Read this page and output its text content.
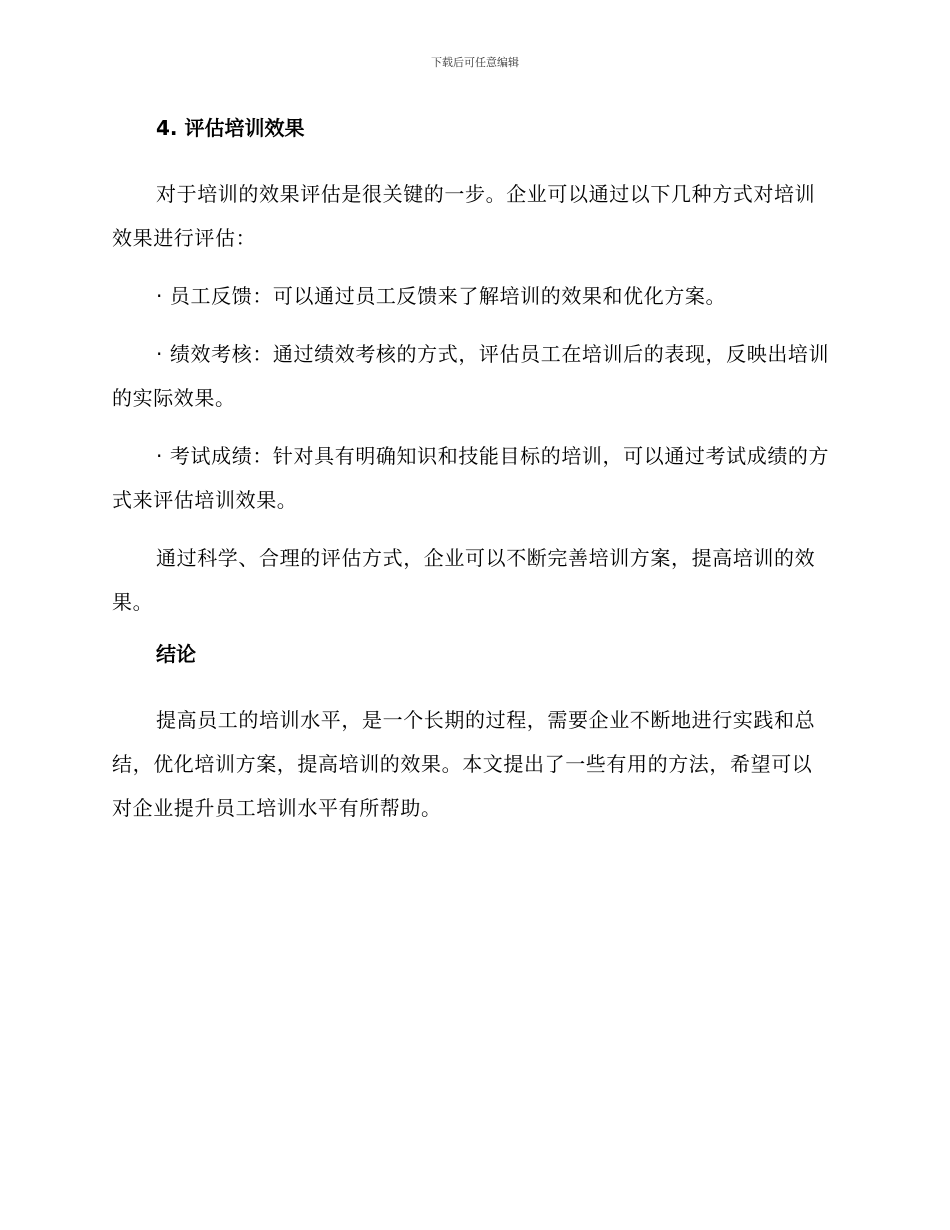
下载后可任意编辑
4. 评估培训效果

对于培训的效果评估是很关键的一步。企业可以通过以下几种方式对培训效果进行评估：

· 员工反馈：可以通过员工反馈来了解培训的效果和优化方案。

· 绩效考核：通过绩效考核的方式，评估员工在培训后的表现，反映出培训的实际效果。

· 考试成绩：针对具有明确知识和技能目标的培训，可以通过考试成绩的方式来评估培训效果。

通过科学、合理的评估方式，企业可以不断完善培训方案，提高培训的效果。

结论

提高员工的培训水平，是一个长期的过程，需要企业不断地进行实践和总结，优化培训方案，提高培训的效果。本文提出了一些有用的方法，希望可以对企业提升员工培训水平有所帮助。
